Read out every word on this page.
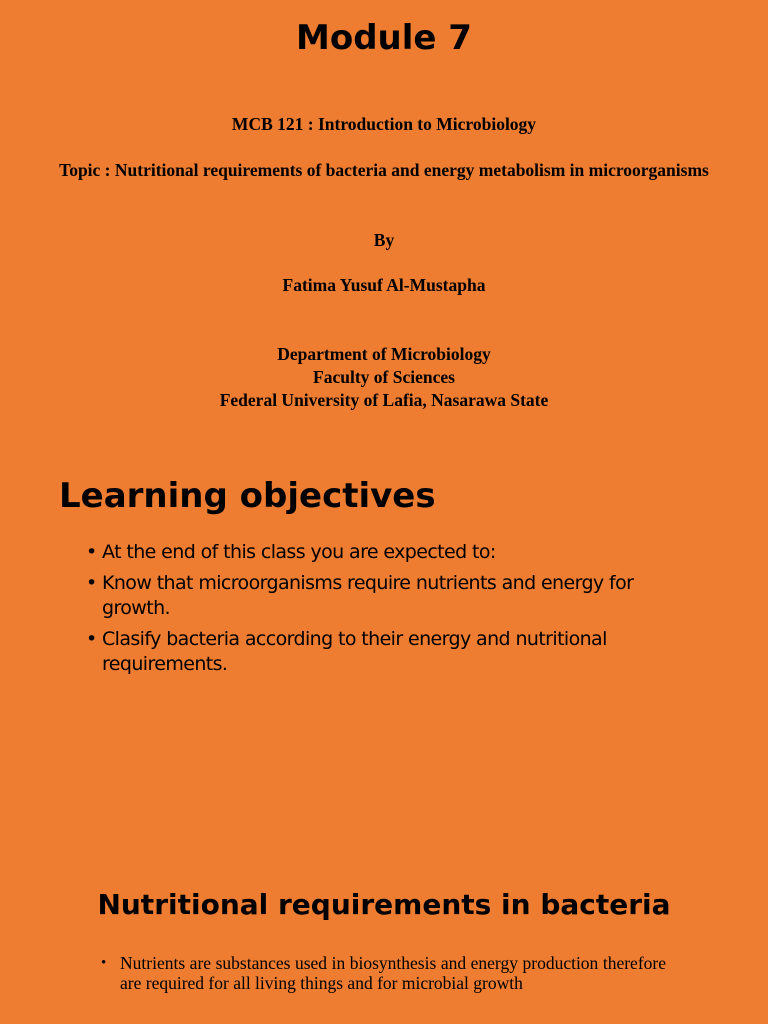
Module 7

MCB 121 : Introduction to Microbiology

Topic : Nutritional requirements of bacteria and energy metabolism in microorganisms

By

Fatima Yusuf Al-Mustapha

Department of Microbiology
Faculty of Sciences
Federal University of Lafia, Nasarawa State
Learning objectives
• At the end of this class you are expected to:
• Know that microorganisms require nutrients and energy for growth.
• Clasify bacteria according to their energy and nutritional requirements.
Nutritional requirements in bacteria
• Nutrients are substances used in biosynthesis and energy production therefore are required for all living things and for microbial growth
